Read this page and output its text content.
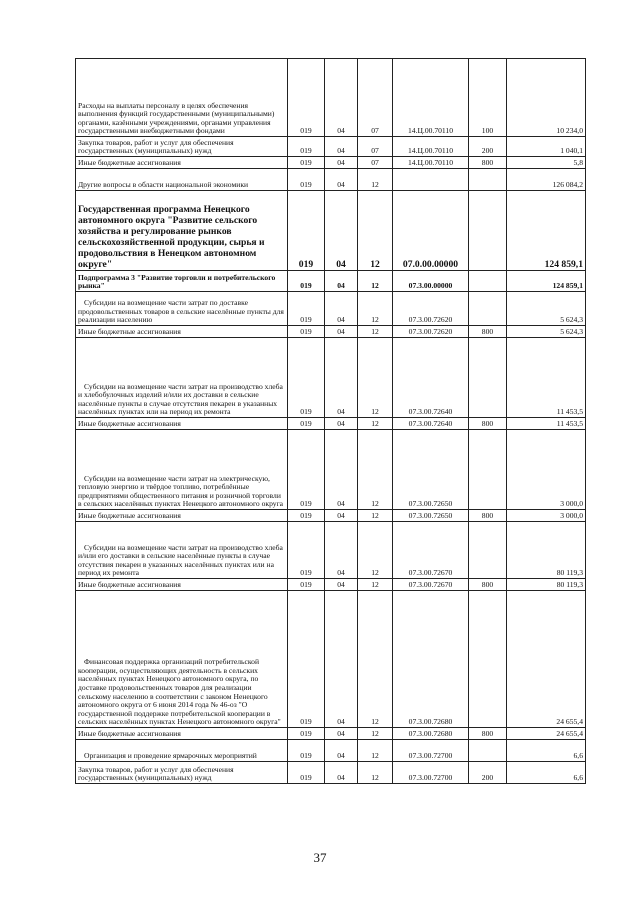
Расходы на выплаты персоналу в целях обеспечения выполнения функций государственными (муниципальными) органами, казёнными учреждениями, органами управления государственными внебюджетными фондами	019	04	07	14.Ц.00.70110	100	10 234,0
Закупка товаров, работ и услуг для обеспечения государственных (муниципальных) нужд	019	04	07	14.Ц.00.70110	200	1 040,1
Иные бюджетные ассигнования	019	04	07	14.Ц.00.70110	800	5,8
Другие вопросы в области национальной экономики	019	04	12			126 084,2
Государственная программа Ненецкого автономного округа "Развитие сельского хозяйства и регулирование рынков сельскохозяйственной продукции, сырья и продовольствия в Ненецком автономном округе"	019	04	12	07.0.00.00000		124 859,1
Подпрограмма 3 "Развитие торговли и потребительского рынка"	019	04	12	07.3.00.00000		124 859,1
Субсидии на возмещение части затрат по доставке продовольственных товаров в сельские населённые пункты для реализации населению	019	04	12	07.3.00.72620		5 624,3
Иные бюджетные ассигнования	019	04	12	07.3.00.72620	800	5 624,3
Субсидии на возмещение части затрат на производство хлеба и хлебобулочных изделий и/или их доставки в сельские населённые пункты в случае отсутствия пекарен в указанных населённых пунктах или на период их ремонта	019	04	12	07.3.00.72640		11 453,5
Иные бюджетные ассигнования	019	04	12	07.3.00.72640	800	11 453,5
Субсидии на возмещение части затрат на электрическую, тепловую энергию и твёрдое топливо, потреблённые предприятиями общественного питания и розничной торговли в сельских населённых пунктах Ненецкого автономного округа	019	04	12	07.3.00.72650		3 000,0
Иные бюджетные ассигнования	019	04	12	07.3.00.72650	800	3 000,0
Субсидии на возмещение части затрат на производство хлеба и/или его доставки в сельские населённые пункты в случае отсутствия пекарен в указанных населённых пунктах или на период их ремонта	019	04	12	07.3.00.72670		80 119,3
Иные бюджетные ассигнования	019	04	12	07.3.00.72670	800	80 119,3
Финансовая поддержка организаций потребительской кооперации, осуществляющих деятельность в сельских населённых пунктах Ненецкого автономного округа, по доставке продовольственных товаров для реализации сельскому населению в соответствии с законом Ненецкого автономного округа от 6 июня 2014 года № 46-оз "О государственной поддержке потребительской кооперации в сельских населённых пунктах Ненецкого автономного округа"	019	04	12	07.3.00.72680		24 655,4
Иные бюджетные ассигнования	019	04	12	07.3.00.72680	800	24 655,4
Организация и проведение ярмарочных мероприятий	019	04	12	07.3.00.72700		6,6
Закупка товаров, работ и услуг для обеспечения государственных (муниципальных) нужд	019	04	12	07.3.00.72700	200	6,6
37
